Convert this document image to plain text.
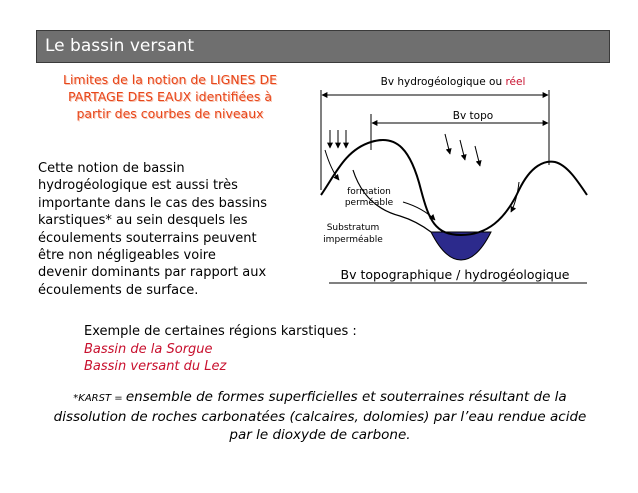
Le bassin versant
Limites de la notion de LIGNES DE
PARTAGE DES EAUX identifiées à
partir des courbes de niveaux
Cette notion de bassin
hydrogéologique est aussi très
importante dans le cas des bassins
karstiques* au sein desquels les
écoulements souterrains peuvent
être non négligeables voire
devenir dominants par rapport aux
écoulements de surface.
Bv hydrogéologique ou réel
Bv topo
formation
perméable
Substratum
imperméable
Bv topographique / hydrogéologique
Exemple de certaines régions karstiques :
Bassin de la Sorgue
Bassin versant du Lez
*KARST = ensemble de formes superficielles et souterraines résultant de la
dissolution de roches carbonatées (calcaires, dolomies) par l’eau rendue acide
par le dioxyde de carbone.
